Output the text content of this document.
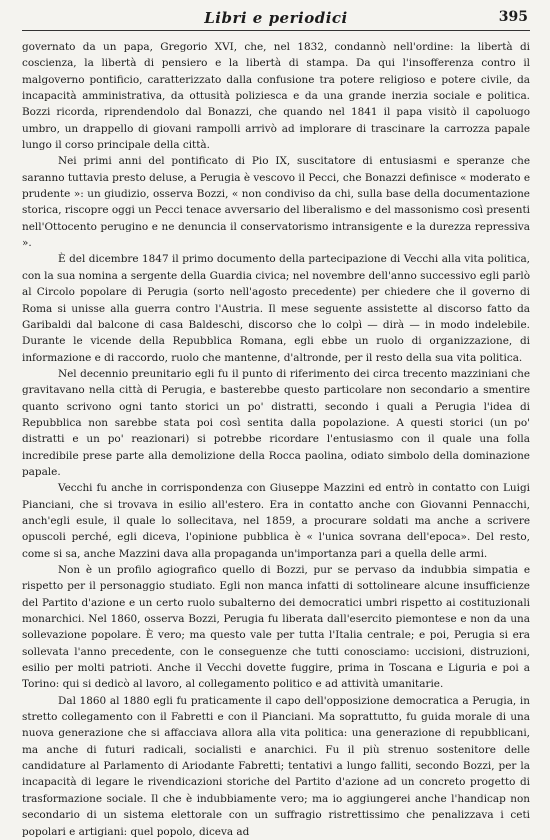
Libri e periodici	395

governato da un papa, Gregorio XVI, che, nel 1832, condannò nell'ordine: la libertà di coscienza, la libertà di pensiero e la libertà di stampa. Da qui l'insofferenza contro il malgoverno pontificio, caratterizzato dalla confusione tra potere religioso e potere civile, da incapacità amministrativa, da ottusità poliziesca e da una grande inerzia sociale e politica. Bozzi ricorda, riprendendolo dal Bonazzi, che quando nel 1841 il papa visitò il capoluogo umbro, un drappello di giovani rampolli arrivò ad implorare di trascinare la carrozza papale lungo il corso principale della città.

Nei primi anni del pontificato di Pio IX, suscitatore di entusiasmi e speranze che saranno tuttavia presto deluse, a Perugia è vescovo il Pecci, che Bonazzi definisce « moderato e prudente »: un giudizio, osserva Bozzi, « non condiviso da chi, sulla base della documentazione storica, riscopre oggi un Pecci tenace avversario del liberalismo e del massonismo così presenti nell'Ottocento perugino e ne denuncia il conservatorismo intransigente e la durezza repressiva ».

È del dicembre 1847 il primo documento della partecipazione di Vecchi alla vita politica, con la sua nomina a sergente della Guardia civica; nel novembre dell'anno successivo egli parlò al Circolo popolare di Perugia (sorto nell'agosto precedente) per chiedere che il governo di Roma si unisse alla guerra contro l'Austria. Il mese seguente assistette al discorso fatto da Garibaldi dal balcone di casa Baldeschi, discorso che lo colpì — dirà — in modo indelebile. Durante le vicende della Repubblica Romana, egli ebbe un ruolo di organizzazione, di informazione e di raccordo, ruolo che mantenne, d'altronde, per il resto della sua vita politica.

Nel decennio preunitario egli fu il punto di riferimento dei circa trecento mazziniani che gravitavano nella città di Perugia, e basterebbe questo particolare non secondario a smentire quanto scrivono ogni tanto storici un po' distratti, secondo i quali a Perugia l'idea di Repubblica non sarebbe stata poi così sentita dalla popolazione. A questi storici (un po' distratti e un po' reazionari) si potrebbe ricordare l'entusiasmo con il quale una folla incredibile prese parte alla demolizione della Rocca paolina, odiato simbolo della dominazione papale.

Vecchi fu anche in corrispondenza con Giuseppe Mazzini ed entrò in contatto con Luigi Pianciani, che si trovava in esilio all'estero. Era in contatto anche con Giovanni Pennacchi, anch'egli esule, il quale lo sollecitava, nel 1859, a procurare soldati ma anche a scrivere opuscoli perché, egli diceva, l'opinione pubblica è « l'unica sovrana dell'epoca». Del resto, come si sa, anche Mazzini dava alla propaganda un'importanza pari a quella delle armi.

Non è un profilo agiografico quello di Bozzi, pur se pervaso da indubbia simpatia e rispetto per il personaggio studiato. Egli non manca infatti di sottolineare alcune insufficienze del Partito d'azione e un certo ruolo subalterno dei democratici umbri rispetto ai costituzionali monarchici. Nel 1860, osserva Bozzi, Perugia fu liberata dall'esercito piemontese e non da una sollevazione popolare. È vero; ma questo vale per tutta l'Italia centrale; e poi, Perugia si era sollevata l'anno precedente, con le conseguenze che tutti conosciamo: uccisioni, distruzioni, esilio per molti patrioti. Anche il Vecchi dovette fuggire, prima in Toscana e Liguria e poi a Torino: qui si dedicò al lavoro, al collegamento politico e ad attività umanitarie.

Dal 1860 al 1880 egli fu praticamente il capo dell'opposizione democratica a Perugia, in stretto collegamento con il Fabretti e con il Pianciani. Ma soprattutto, fu guida morale di una nuova generazione che si affacciava allora alla vita politica: una generazione di repubblicani, ma anche di futuri radicali, socialisti e anarchici. Fu il più strenuo sostenitore delle candidature al Parlamento di Ariodante Fabretti; tentativi a lungo falliti, secondo Bozzi, per la incapacità di legare le rivendicazioni storiche del Partito d'azione ad un concreto progetto di trasformazione sociale. Il che è indubbiamente vero; ma io aggiungerei anche l'handicap non secondario di un sistema elettorale con un suffragio ristrettissimo che penalizzava i ceti popolari e artigiani: quel popolo, diceva ad
